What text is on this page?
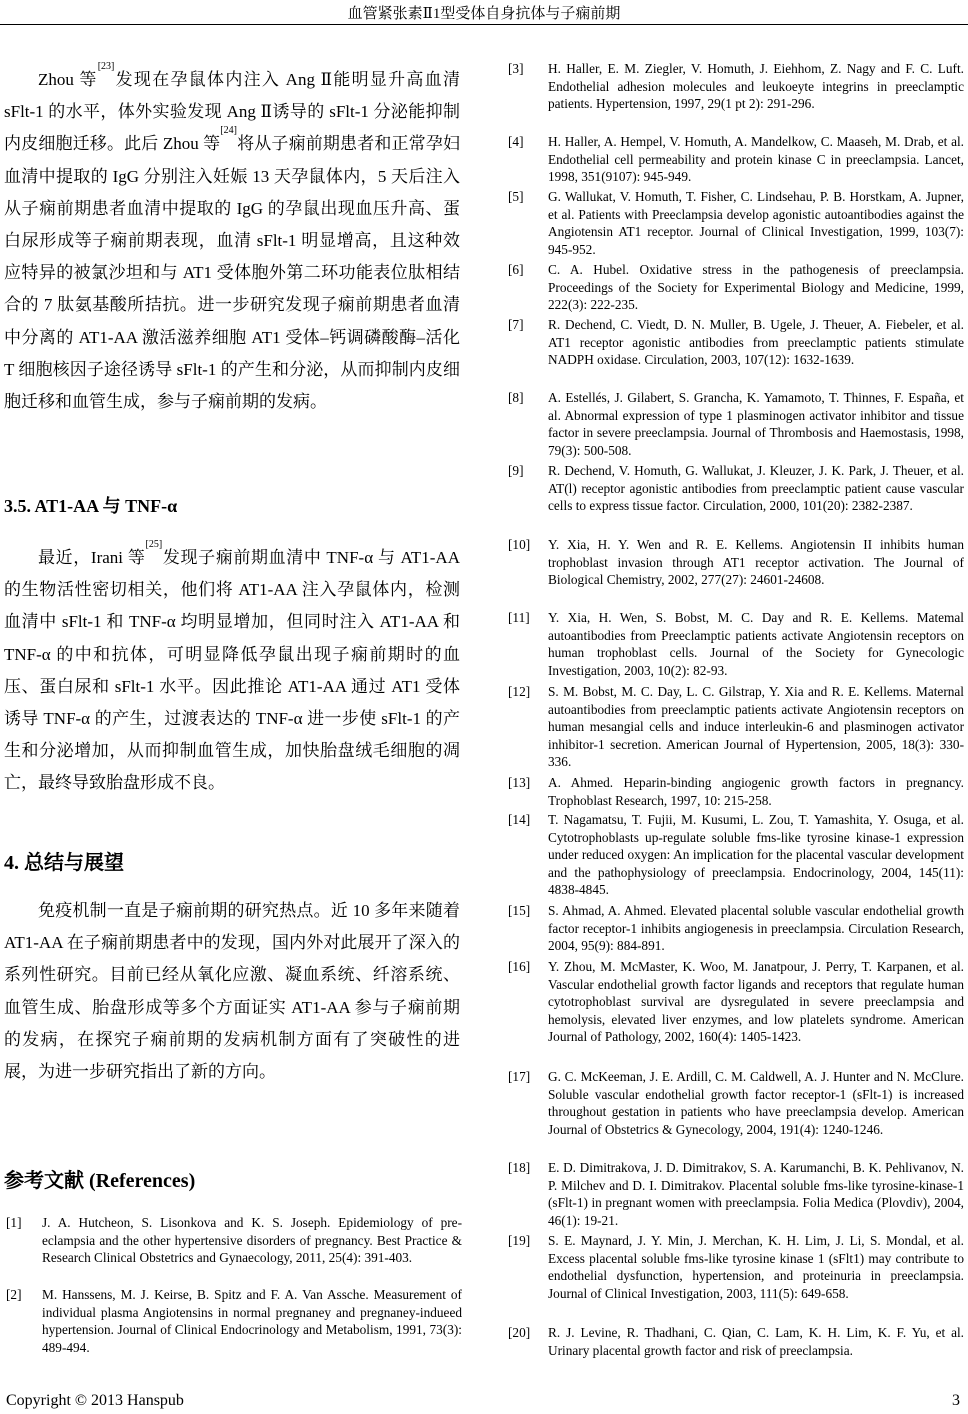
血管紧张素Ⅱ1型受体自身抗体与子痫前期

Zhou 等[23]发现在孕鼠体内注入 Ang Ⅱ能明显升高血清 sFlt-1 的水平，体外实验发现 Ang Ⅱ诱导的 sFlt-1 分泌能抑制内皮细胞迁移。此后 Zhou 等[24]将从子痫前期患者和正常孕妇血清中提取的 IgG 分别注入妊娠 13 天孕鼠体内，5 天后注入从子痫前期患者血清中提取的 IgG 的孕鼠出现血压升高、蛋白尿形成等子痫前期表现，血清 sFlt-1 明显增高，且这种效应特异的被氯沙坦和与 AT1 受体胞外第二环功能表位肽相结合的 7 肽氨基酸所拮抗。进一步研究发现子痫前期患者血清中分离的 AT1-AA 激活滋养细胞 AT1 受体–钙调磷酸酶–活化 T 细胞核因子途径诱导 sFlt-1 的产生和分泌，从而抑制内皮细胞迁移和血管生成，参与子痫前期的发病。

3.5. AT1-AA 与 TNF-α

最近，Irani 等[25]发现子痫前期血清中 TNF-α 与 AT1-AA 的生物活性密切相关，他们将 AT1-AA 注入孕鼠体内，检测血清中 sFlt-1 和 TNF-α 均明显增加，但同时注入 AT1-AA 和 TNF-α 的中和抗体，可明显降低孕鼠出现子痫前期时的血压、蛋白尿和 sFlt-1 水平。因此推论 AT1-AA 通过 AT1 受体诱导 TNF-α 的产生，过渡表达的 TNF-α 进一步使 sFlt-1 的产生和分泌增加，从而抑制血管生成，加快胎盘绒毛细胞的凋亡，最终导致胎盘形成不良。

4. 总结与展望

免疫机制一直是子痫前期的研究热点。近 10 多年来随着 AT1-AA 在子痫前期患者中的发现，国内外对此展开了深入的系列性研究。目前已经从氧化应激、凝血系统、纤溶系统、血管生成、胎盘形成等多个方面证实 AT1-AA 参与子痫前期的发病，在探究子痫前期的发病机制方面有了突破性的进展，为进一步研究指出了新的方向。

参考文献 (References)
[1] J. A. Hutcheon, S. Lisonkova and K. S. Joseph. Epidemiology of pre-eclampsia and the other hypertensive disorders of pregnancy. Best Practice & Research Clinical Obstetrics and Gynaecology, 2011, 25(4): 391-403.
[2] M. Hanssens, M. J. Keirse, B. Spitz and F. A. Van Assche. Measurement of individual plasma Angiotensins in normal pregnaney and pregnaney-indueed hypertension. Journal of Clinical Endocrinology and Metabolism, 1991, 73(3): 489-494.
[3] H. Haller, E. M. Ziegler, V. Homuth, J. Eiehhom, Z. Nagy and F. C. Luft. Endothelial adhesion molecules and leukoeyte integrins in preeclamptic patients. Hypertension, 1997, 29(1 pt 2): 291-296.
[4] H. Haller, A. Hempel, V. Homuth, A. Mandelkow, C. Maaseh, M. Drab, et al. Endothelial cell permeability and protein kinase C in preeclampsia. Lancet, 1998, 351(9107): 945-949.
[5] G. Wallukat, V. Homuth, T. Fisher, C. Lindsehau, P. B. Horstkam, A. Jupner, et al. Patients with Preeclampsia develop agonistic autoantibodies against the Angiotensin AT1 receptor. Journal of Clinical Investigation, 1999, 103(7): 945-952.
[6] C. A. Hubel. Oxidative stress in the pathogenesis of preeclampsia. Proceedings of the Society for Experimental Biology and Medicine, 1999, 222(3): 222-235.
[7] R. Dechend, C. Viedt, D. N. Muller, B. Ugele, J. Theuer, A. Fiebeler, et al. AT1 receptor agonistic antibodies from preeclamptic patients stimulate NADPH oxidase. Circulation, 2003, 107(12): 1632-1639.
[8] A. Estellés, J. Gilabert, S. Grancha, K. Yamamoto, T. Thinnes, F. España, et al. Abnormal expression of type 1 plasminogen activator inhibitor and tissue factor in severe preeclampsia. Journal of Thrombosis and Haemostasis, 1998, 79(3): 500-508.
[9] R. Dechend, V. Homuth, G. Wallukat, J. Kleuzer, J. K. Park, J. Theuer, et al. AT(l) receptor agonistic antibodies from preeclamptic patient cause vascular cells to express tissue factor. Circulation, 2000, 101(20): 2382-2387.
[10] Y. Xia, H. Y. Wen and R. E. Kellems. Angiotensin II inhibits human trophoblast invasion through AT1 receptor activation. The Journal of Biological Chemistry, 2002, 277(27): 24601-24608.
[11] Y. Xia, H. Wen, S. Bobst, M. C. Day and R. E. Kellems. Matemal autoantibodies from Preeclamptic patients activate Angiotensin receptors on human trophoblast cells. Journal of the Society for Gynecologic Investigation, 2003, 10(2): 82-93.
[12] S. M. Bobst, M. C. Day, L. C. Gilstrap, Y. Xia and R. E. Kellems. Maternal autoantibodies from preeclamptic patients activate Angiotensin receptors on human mesangial cells and induce interleukin-6 and plasminogen activator inhibitor-1 secretion. American Journal of Hypertension, 2005, 18(3): 330-336.
[13] A. Ahmed. Heparin-binding angiogenic growth factors in pregnancy. Trophoblast Research, 1997, 10: 215-258.
[14] T. Nagamatsu, T. Fujii, M. Kusumi, L. Zou, T. Yamashita, Y. Osuga, et al. Cytotrophoblasts up-regulate soluble fms-like tyrosine kinase-1 expression under reduced oxygen: An implication for the placental vascular development and the pathophysiology of preeclampsia. Endocrinology, 2004, 145(11): 4838-4845.
[15] S. Ahmad, A. Ahmed. Elevated placental soluble vascular endothelial growth factor receptor-1 inhibits angiogenesis in preeclampsia. Circulation Research, 2004, 95(9): 884-891.
[16] Y. Zhou, M. McMaster, K. Woo, M. Janatpour, J. Perry, T. Karpanen, et al. Vascular endothelial growth factor ligands and receptors that regulate human cytotrophoblast survival are dysregulated in severe preeclampsia and hemolysis, elevated liver enzymes, and low platelets syndrome. American Journal of Pathology, 2002, 160(4): 1405-1423.
[17] G. C. McKeeman, J. E. Ardill, C. M. Caldwell, A. J. Hunter and N. McClure. Soluble vascular endothelial growth factor receptor-1 (sFlt-1) is increased throughout gestation in patients who have preeclampsia develop. American Journal of Obstetrics & Gynecology, 2004, 191(4): 1240-1246.
[18] E. D. Dimitrakova, J. D. Dimitrakov, S. A. Karumanchi, B. K. Pehlivanov, N. P. Milchev and D. I. Dimitrakov. Placental soluble fms-like tyrosine-kinase-1 (sFlt-1) in pregnant women with preeclampsia. Folia Medica (Plovdiv), 2004, 46(1): 19-21.
[19] S. E. Maynard, J. Y. Min, J. Merchan, K. H. Lim, J. Li, S. Mondal, et al. Excess placental soluble fms-like tyrosine kinase 1 (sFlt1) may contribute to endothelial dysfunction, hypertension, and proteinuria in preeclampsia. Journal of Clinical Investigation, 2003, 111(5): 649-658.
[20] R. J. Levine, R. Thadhani, C. Qian, C. Lam, K. H. Lim, K. F. Yu, et al. Urinary placental growth factor and risk of preeclampsia.
Copyright © 2013 Hanspub	3
